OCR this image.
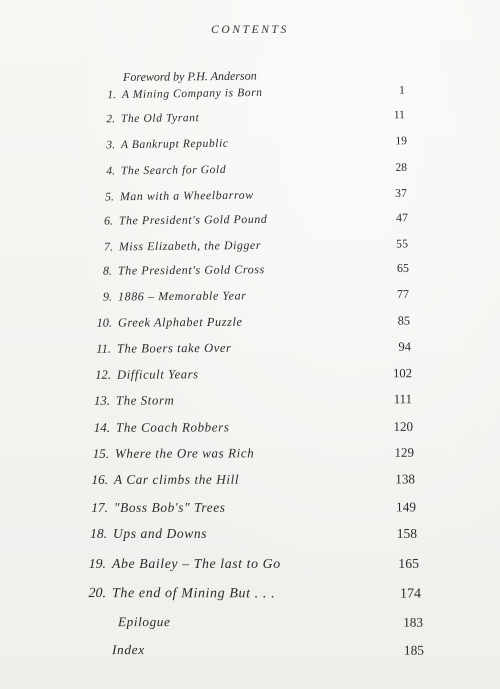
CONTENTS
Foreword by P.H. Anderson
1. A Mining Company is Born	1
2. The Old Tyrant	11
3. A Bankrupt Republic	19
4. The Search for Gold	28
5. Man with a Wheelbarrow	37
6. The President's Gold Pound	47
7. Miss Elizabeth, the Digger	55
8. The President's Gold Cross	65
9. 1886 – Memorable Year	77
10. Greek Alphabet Puzzle	85
11. The Boers take Over	94
12. Difficult Years	102
13. The Storm	111
14. The Coach Robbers	120
15. Where the Ore was Rich	129
16. A Car climbs the Hill	138
17. "Boss Bob's" Trees	149
18. Ups and Downs	158
19. Abe Bailey – The last to Go	165
20. The end of Mining But . . .	174
Epilogue	183
Index	185
